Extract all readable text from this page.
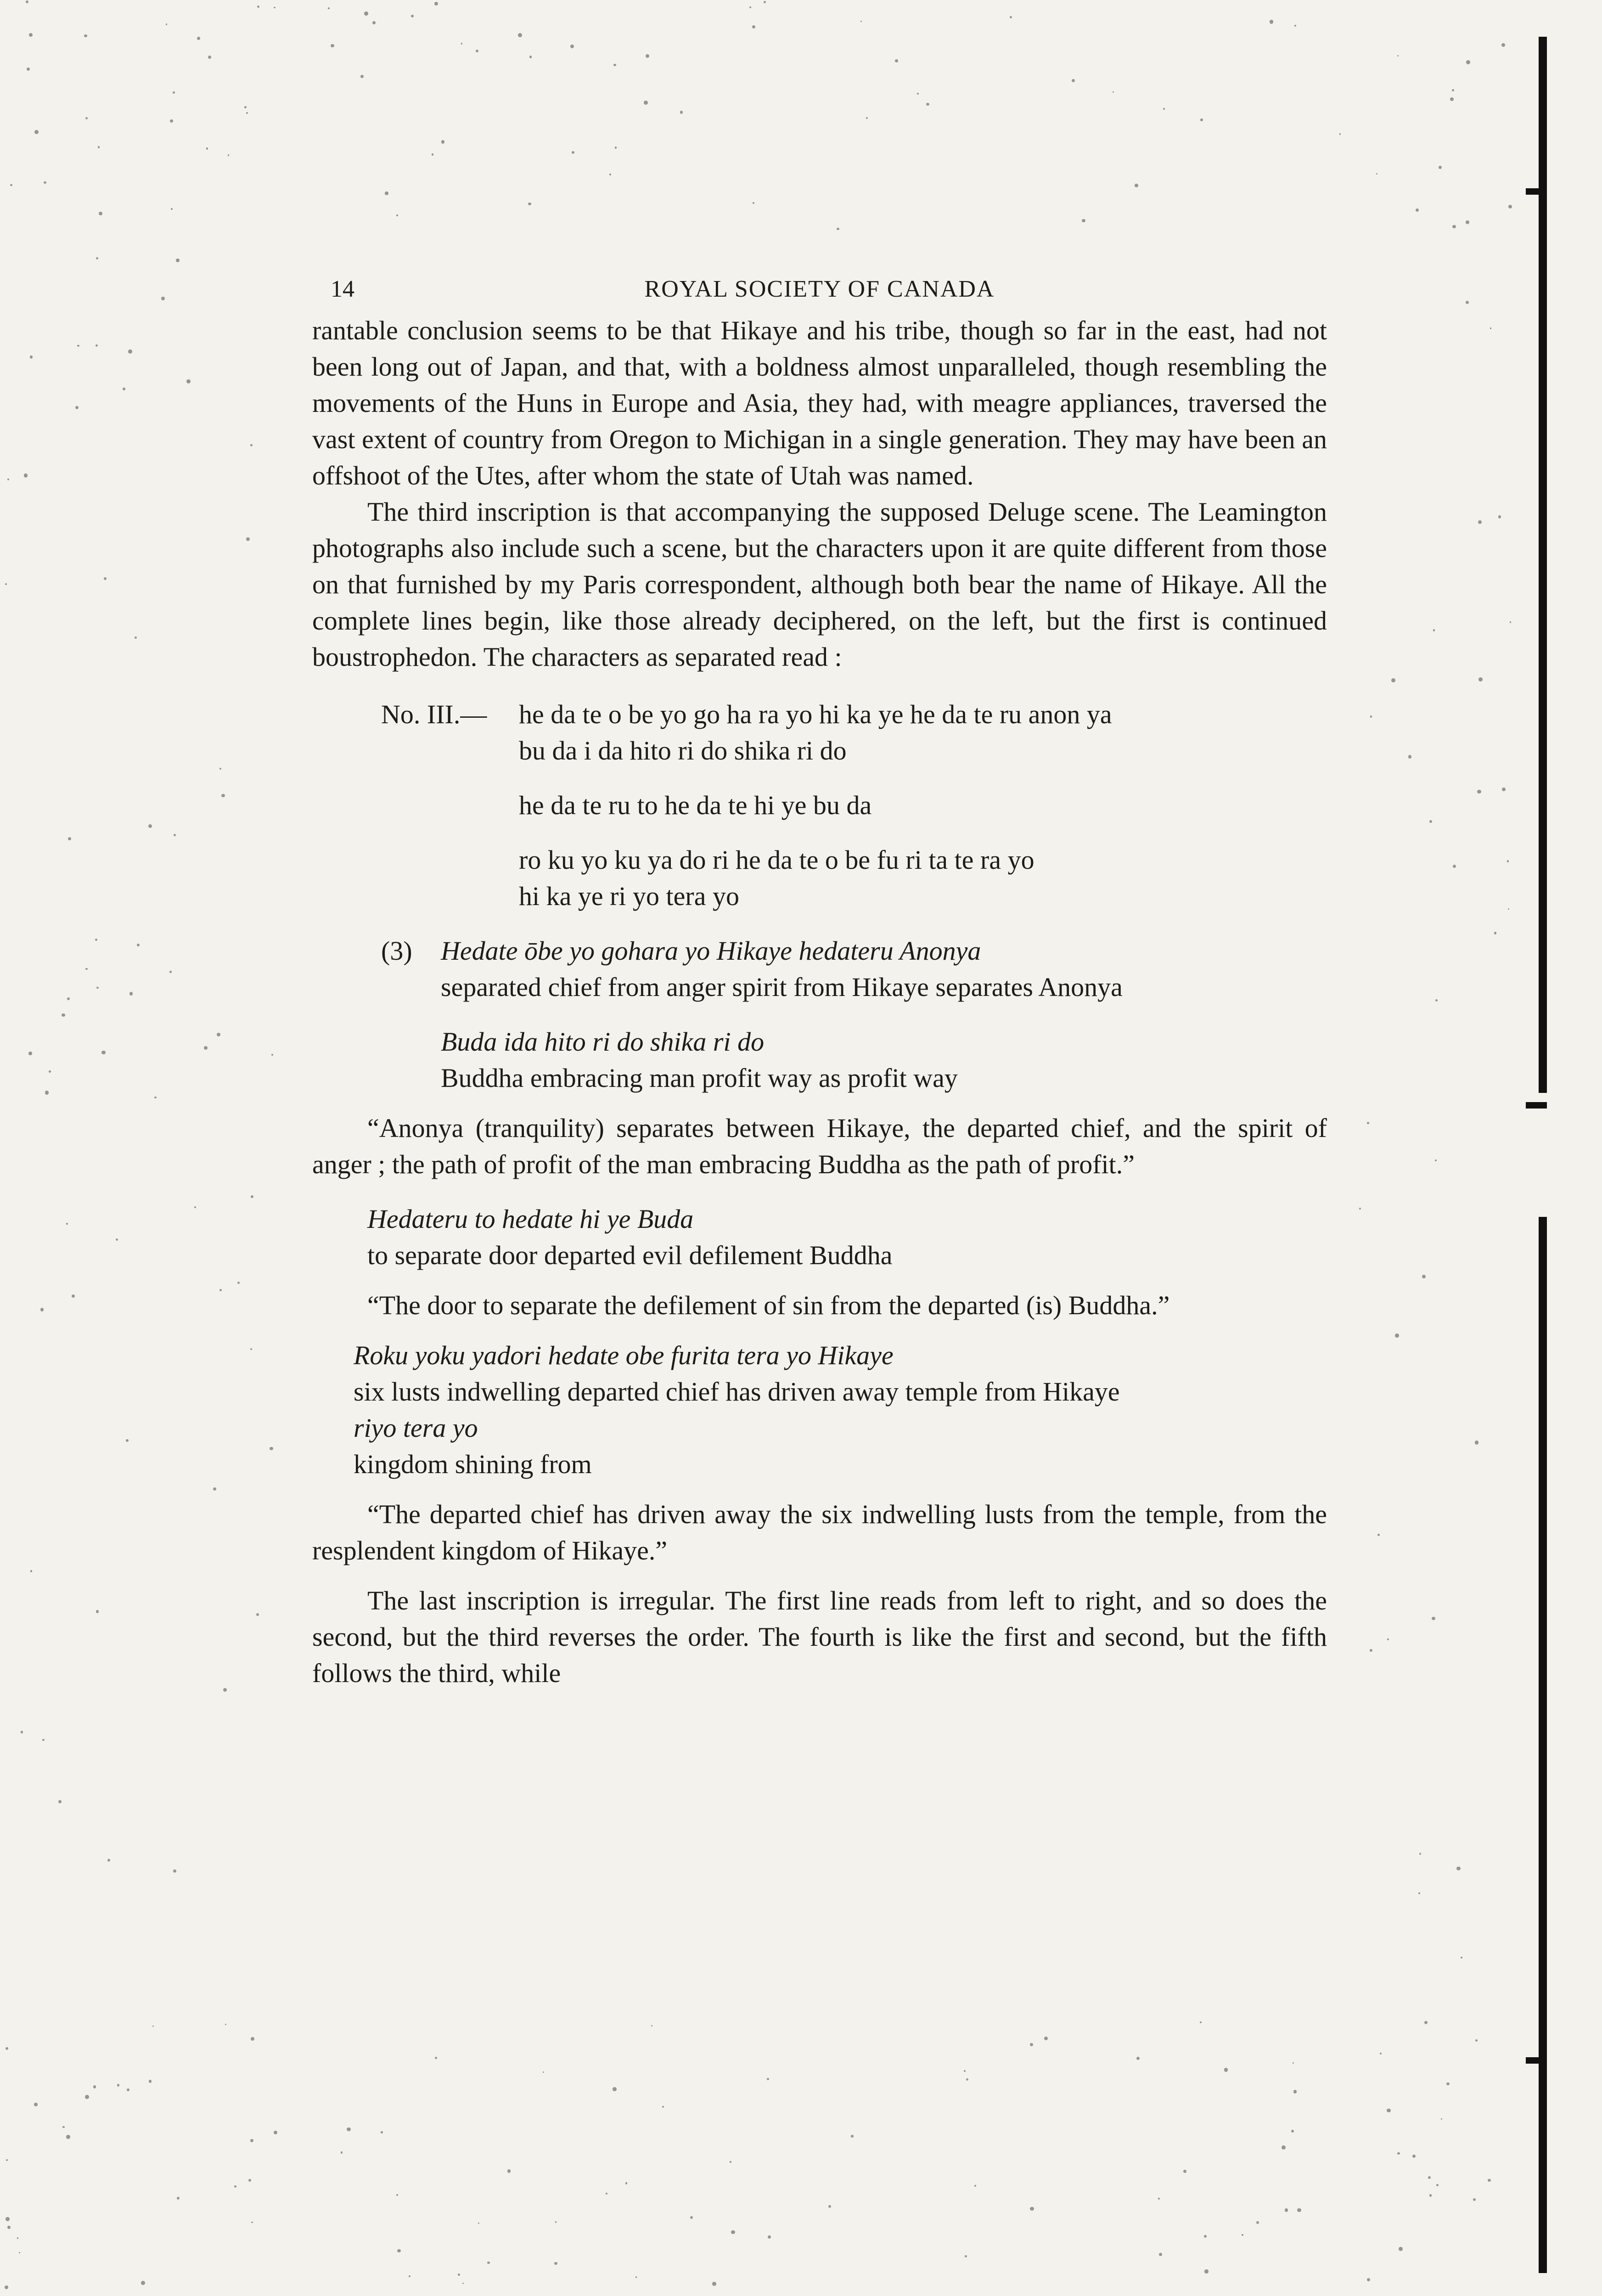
14	ROYAL SOCIETY OF CANADA

rantable conclusion seems to be that Hikaye and his tribe, though so far in the east, had not been long out of Japan, and that, with a boldness almost unparalleled, though resembling the movements of the Huns in Europe and Asia, they had, with meagre appliances, traversed the vast extent of country from Oregon to Michigan in a single generation. They may have been an offshoot of the Utes, after whom the state of Utah was named.

The third inscription is that accompanying the supposed Deluge scene. The Leamington photographs also include such a scene, but the characters upon it are quite different from those on that furnished by my Paris correspondent, although both bear the name of Hikaye. All the complete lines begin, like those already deciphered, on the left, but the first is continued boustrophedon. The characters as separated read :

No. III.— he da te o be yo go ha ra yo hi ka ye he da te ru anon ya
bu da i da hito ri do shika ri do
he da te ru to he da te hi ye bu da
ro ku yo ku ya do ri he da te o be fu ri ta te ra yo
hi ka ye ri yo tera yo
(3) Hedate ōbe yo gohara yo Hikaye hedateru Anonya
separated chief from anger spirit from Hikaye separates Anonya
Buda ida hito ri do shika ri do
Buddha embracing man profit way as profit way

“Anonya (tranquility) separates between Hikaye, the departed chief, and the spirit of anger ; the path of profit of the man embracing Buddha as the path of profit.”

Hedateru to hedate hi ye Buda
to separate door departed evil defilement Buddha

“The door to separate the defilement of sin from the departed (is) Buddha.”

Roku yoku yadori hedate obe furita tera yo Hikaye
six lusts indwelling departed chief has driven away temple from Hikaye
riyo tera yo
kingdom shining from

“The departed chief has driven away the six indwelling lusts from the temple, from the resplendent kingdom of Hikaye.”

The last inscription is irregular. The first line reads from left to right, and so does the second, but the third reverses the order. The fourth is like the first and second, but the fifth follows the third, while
